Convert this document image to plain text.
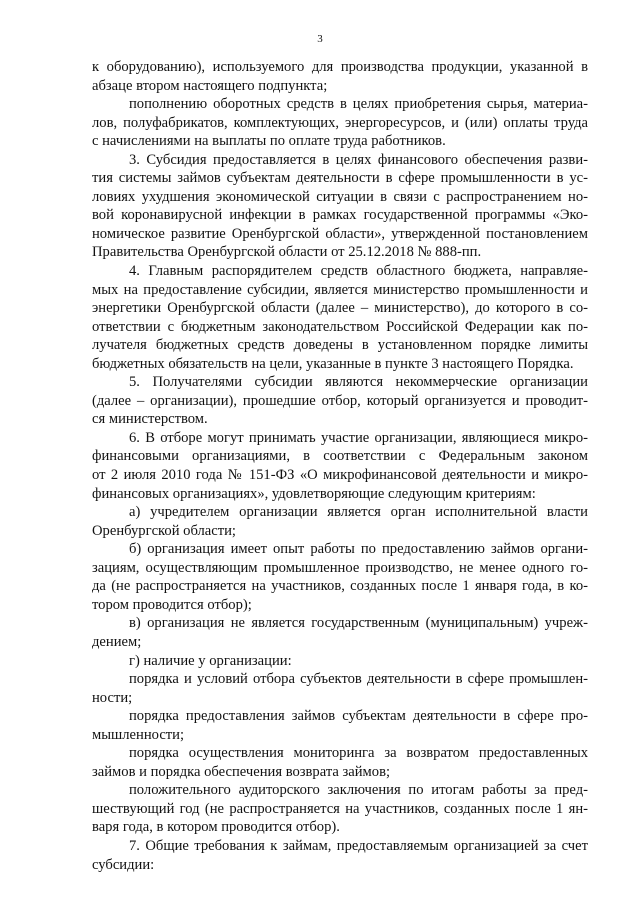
3
к оборудованию), используемого для производства продукции, указанной в
абзаце втором настоящего подпункта;
пополнению оборотных средств в целях приобретения сырья, материа-
лов, полуфабрикатов, комплектующих, энергоресурсов, и (или) оплаты труда
с начислениями на выплаты по оплате труда работников.
3. Субсидия предоставляется в целях финансового обеспечения разви-
тия системы займов субъектам деятельности в сфере промышленности в ус-
ловиях ухудшения экономической ситуации в связи с распространением но-
вой коронавирусной инфекции в рамках государственной программы «Эко-
номическое развитие Оренбургской области», утвержденной постановлением
Правительства Оренбургской области от 25.12.2018 № 888-пп.
4. Главным распорядителем средств областного бюджета, направляе-
мых на предоставление субсидии, является министерство промышленности и
энергетики Оренбургской области (далее – министерство), до которого в со-
ответствии с бюджетным законодательством Российской Федерации как по-
лучателя бюджетных средств доведены в установленном порядке лимиты
бюджетных обязательств на цели, указанные в пункте 3 настоящего Порядка.
5. Получателями субсидии являются некоммерческие организации
(далее – организации), прошедшие отбор, который организуется и проводит-
ся министерством.
6. В отборе могут принимать участие организации, являющиеся микро-
финансовыми организациями, в соответствии с Федеральным законом
от 2 июля 2010 года № 151-ФЗ «О микрофинансовой деятельности и микро-
финансовых организациях», удовлетворяющие следующим критериям:
а) учредителем организации является орган исполнительной власти
Оренбургской области;
б) организация имеет опыт работы по предоставлению займов органи-
зациям, осуществляющим промышленное производство, не менее одного го-
да (не распространяется на участников, созданных после 1 января года, в ко-
тором проводится отбор);
в) организация не является государственным (муниципальным) учреж-
дением;
г) наличие у организации:
порядка и условий отбора субъектов деятельности в сфере промышлен-
ности;
порядка предоставления займов субъектам деятельности в сфере про-
мышленности;
порядка осуществления мониторинга за возвратом предоставленных
займов и порядка обеспечения возврата займов;
положительного аудиторского заключения по итогам работы за пред-
шествующий год (не распространяется на участников, созданных после 1 ян-
варя года, в котором проводится отбор).
7. Общие требования к займам, предоставляемым организацией за счет
субсидии:
